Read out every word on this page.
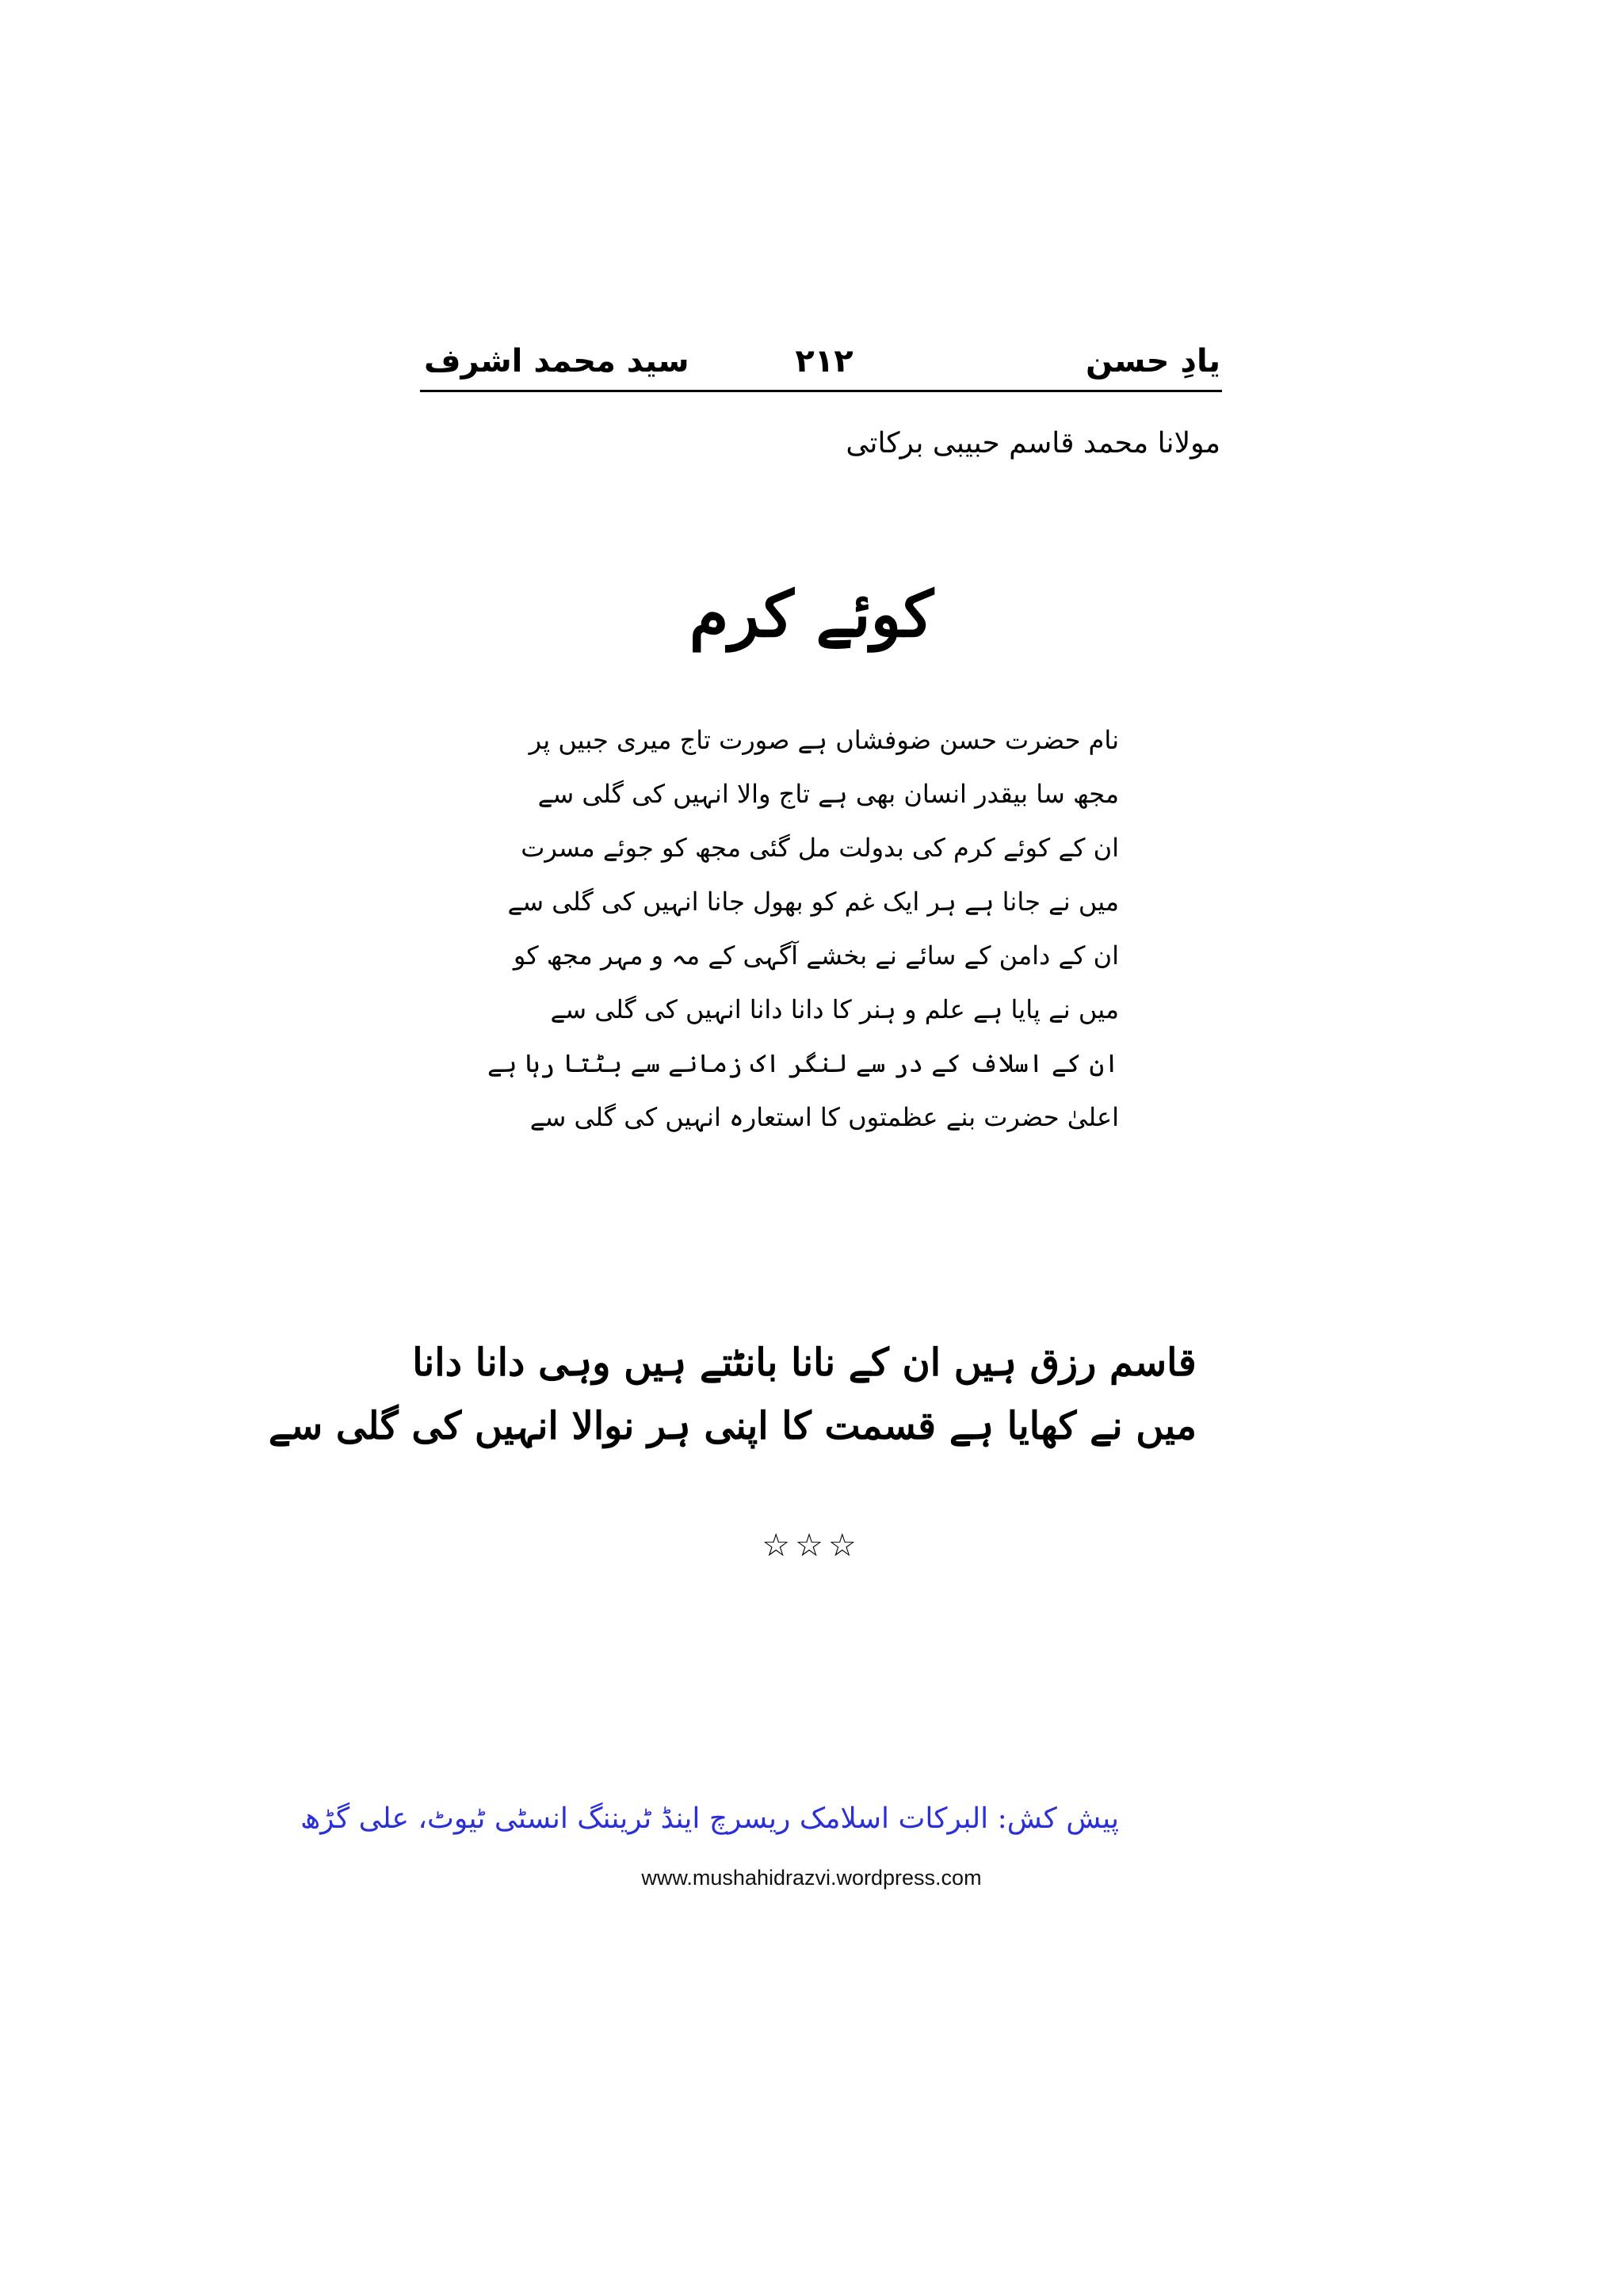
سید محمد اشرف	۲۱۲	یادِ حسن
مولانا محمد قاسم حبیبی برکاتی
کوئے کرم
نام حضرت حسن ضوفشاں ہے صورت تاج میری جبیں پر
مجھ سا بیقدر انسان بھی ہے تاج والا انہیں کی گلی سے
ان کے کوئے کرم کی بدولت مل گئی مجھ کو جوئے مسرت
میں نے جانا ہے ہر ایک غم کو بھول جانا انہیں کی گلی سے
ان کے دامن کے سائے نے بخشے آگہی کے مہ و مہر مجھ کو
میں نے پایا ہے علم و ہنر کا دانا دانا انہیں کی گلی سے
ان کے اسلاف کے در سے لنگر اک زمانے سے بٹتا رہا ہے
اعلیٰ حضرت بنے عظمتوں کا استعارہ انہیں کی گلی سے
قاسم رزق ہیں ان کے نانا بانٹتے ہیں وہی دانا دانا
میں نے کھایا ہے قسمت کا اپنی ہر نوالا انہیں کی گلی سے
☆☆☆
پیش کش: البرکات اسلامک ریسرچ اینڈ ٹریننگ انسٹی ٹیوٹ، علی گڑھ
www.mushahidrazvi.wordpress.com
